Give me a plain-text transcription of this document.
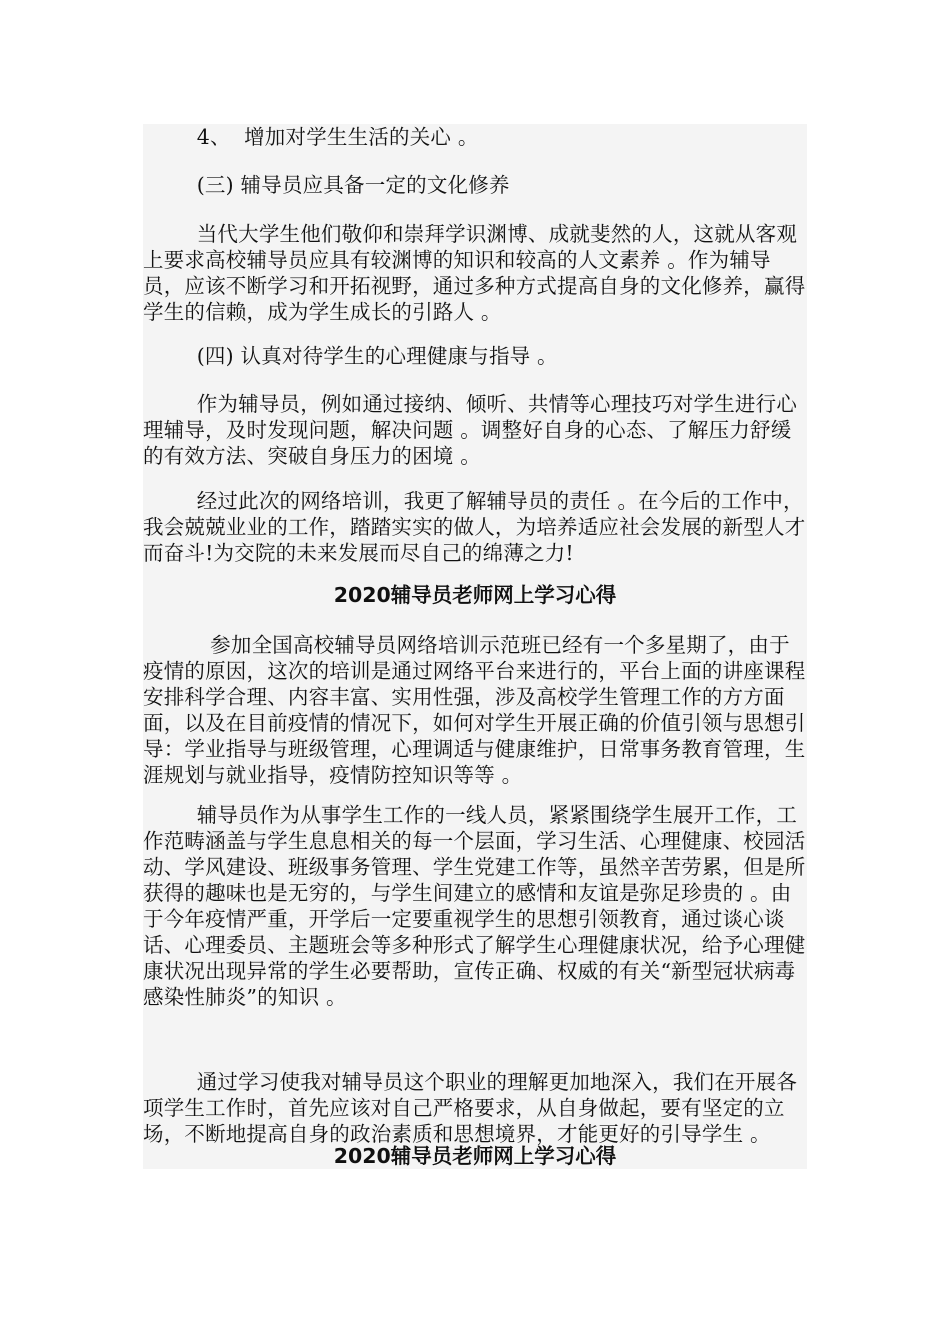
4、  增加对学生生活的关心 。

(三) 辅导员应具备一定的文化修养

当代大学生他们敬仰和崇拜学识渊博、成就斐然的人，这就从客观上要求高校辅导员应具有较渊博的知识和较高的人文素养 。作为辅导员，应该不断学习和开拓视野，通过多种方式提高自身的文化修养，赢得学生的信赖，成为学生成长的引路人 。

(四) 认真对待学生的心理健康与指导 。

作为辅导员，例如通过接纳、倾听、共情等心理技巧对学生进行心理辅导，及时发现问题，解决问题 。调整好自身的心态、了解压力舒缓的有效方法、突破自身压力的困境 。

经过此次的网络培训，我更了解辅导员的责任 。在今后的工作中，我会兢兢业业的工作，踏踏实实的做人，为培养适应社会发展的新型人才而奋斗!为交院的未来发展而尽自己的绵薄之力!

2020辅导员老师网上学习心得

参加全国高校辅导员网络培训示范班已经有一个多星期了，由于疫情的原因，这次的培训是通过网络平台来进行的，平台上面的讲座课程安排科学合理、内容丰富、实用性强，涉及高校学生管理工作的方方面面，以及在目前疫情的情况下，如何对学生开展正确的价值引领与思想引导：学业指导与班级管理，心理调适与健康维护，日常事务教育管理，生涯规划与就业指导，疫情防控知识等等 。

辅导员作为从事学生工作的一线人员，紧紧围绕学生展开工作，工作范畴涵盖与学生息息相关的每一个层面，学习生活、心理健康、校园活动、学风建设、班级事务管理、学生党建工作等，虽然辛苦劳累，但是所获得的趣味也是无穷的，与学生间建立的感情和友谊是弥足珍贵的 。由于今年疫情严重，开学后一定要重视学生的思想引领教育，通过谈心谈话、心理委员、主题班会等多种形式了解学生心理健康状况，给予心理健康状况出现异常的学生必要帮助，宣传正确、权威的有关“新型冠状病毒感染性肺炎”的知识 。

通过学习使我对辅导员这个职业的理解更加地深入，我们在开展各项学生工作时，首先应该对自己严格要求，从自身做起，要有坚定的立场，不断地提高自身的政治素质和思想境界，才能更好的引导学生 。

2020辅导员老师网上学习心得
